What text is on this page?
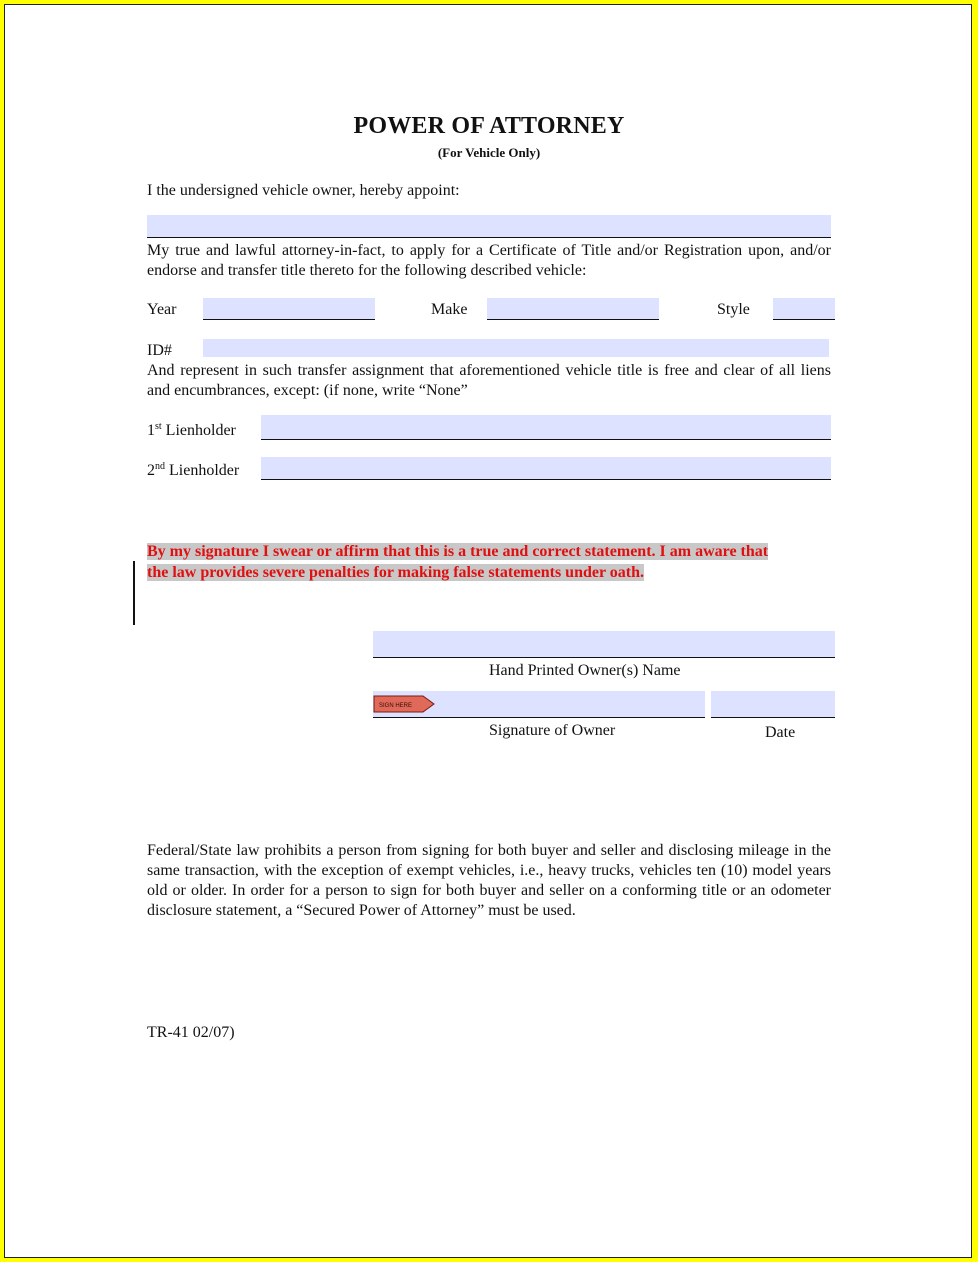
POWER OF ATTORNEY
(For Vehicle Only)
I the undersigned vehicle owner, hereby appoint:
My true and lawful attorney-in-fact, to apply for a Certificate of Title and/or Registration upon, and/or endorse and transfer title thereto for the following described vehicle:
Year	Make	Style
ID#
And represent in such transfer assignment that aforementioned vehicle title is free and clear of all liens and encumbrances, except: (if none, write “None”
1st Lienholder
2nd Lienholder
By my signature I swear or affirm that this is a true and correct statement. I am aware that
the law provides severe penalties for making false statements under oath.
Hand Printed Owner(s) Name
SIGN HERE
Signature of Owner	Date
Federal/State law prohibits a person from signing for both buyer and seller and disclosing mileage in the same transaction, with the exception of exempt vehicles, i.e., heavy trucks, vehicles ten (10) model years old or older. In order for a person to sign for both buyer and seller on a conforming title or an odometer disclosure statement, a “Secured Power of Attorney” must be used.
TR-41 02/07)
